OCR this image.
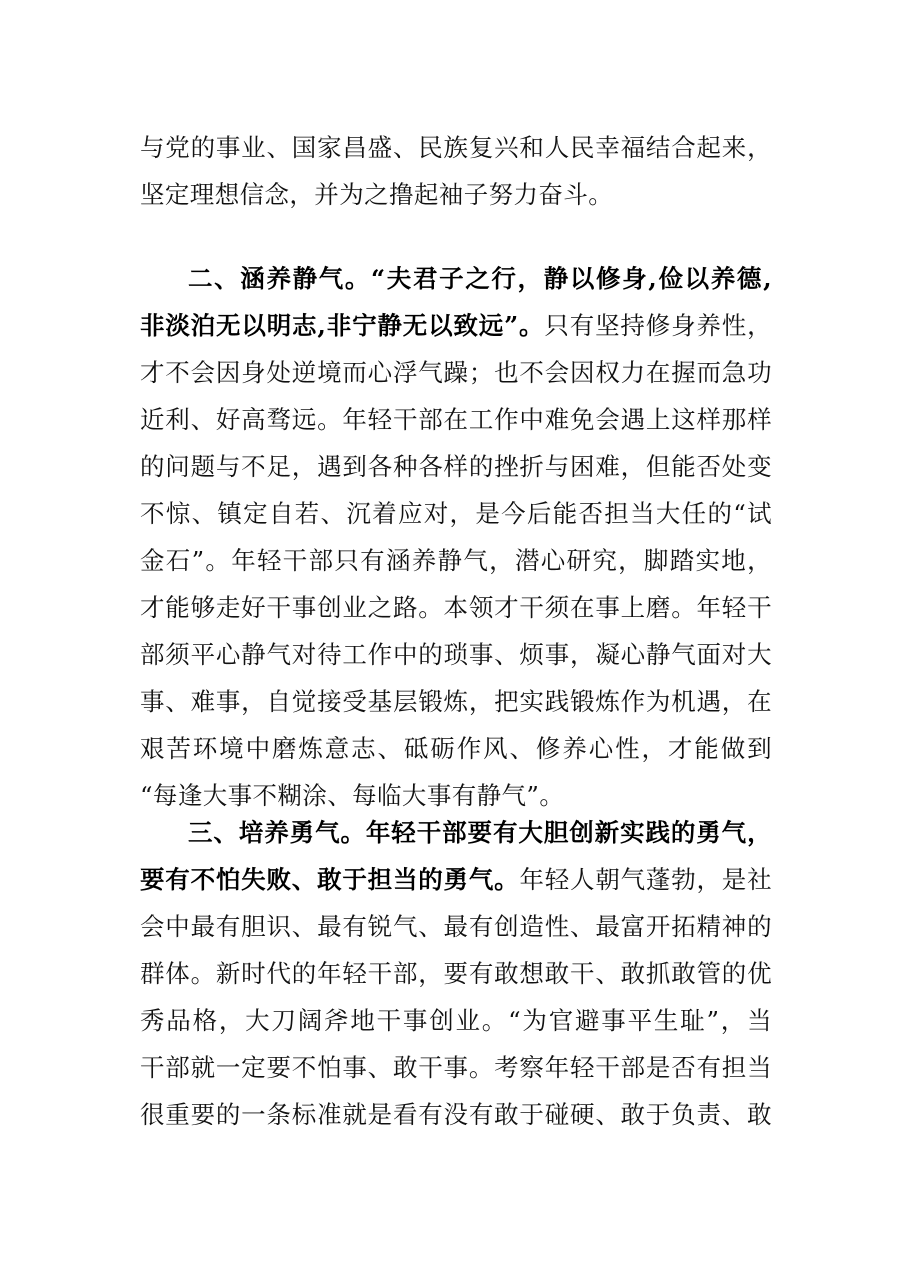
与党的事业、国家昌盛、民族复兴和人民幸福结合起来，
坚定理想信念，并为之撸起袖子努力奋斗。
二、涵养静气。“夫君子之行，静以修身,俭以养德,
非淡泊无以明志,非宁静无以致远”。只有坚持修身养性，
才不会因身处逆境而心浮气躁；也不会因权力在握而急功
近利、好高骛远。年轻干部在工作中难免会遇上这样那样
的问题与不足，遇到各种各样的挫折与困难，但能否处变
不惊、镇定自若、沉着应对，是今后能否担当大任的“试
金石”。年轻干部只有涵养静气，潜心研究，脚踏实地，
才能够走好干事创业之路。本领才干须在事上磨。年轻干
部须平心静气对待工作中的琐事、烦事，凝心静气面对大
事、难事，自觉接受基层锻炼，把实践锻炼作为机遇，在
艰苦环境中磨炼意志、砥砺作风、修养心性，才能做到
“每逢大事不糊涂、每临大事有静气”。
三、培养勇气。年轻干部要有大胆创新实践的勇气，
要有不怕失败、敢于担当的勇气。年轻人朝气蓬勃，是社
会中最有胆识、最有锐气、最有创造性、最富开拓精神的
群体。新时代的年轻干部，要有敢想敢干、敢抓敢管的优
秀品格，大刀阔斧地干事创业。“为官避事平生耻”，当
干部就一定要不怕事、敢干事。考察年轻干部是否有担当
很重要的一条标准就是看有没有敢于碰硬、敢于负责、敢
